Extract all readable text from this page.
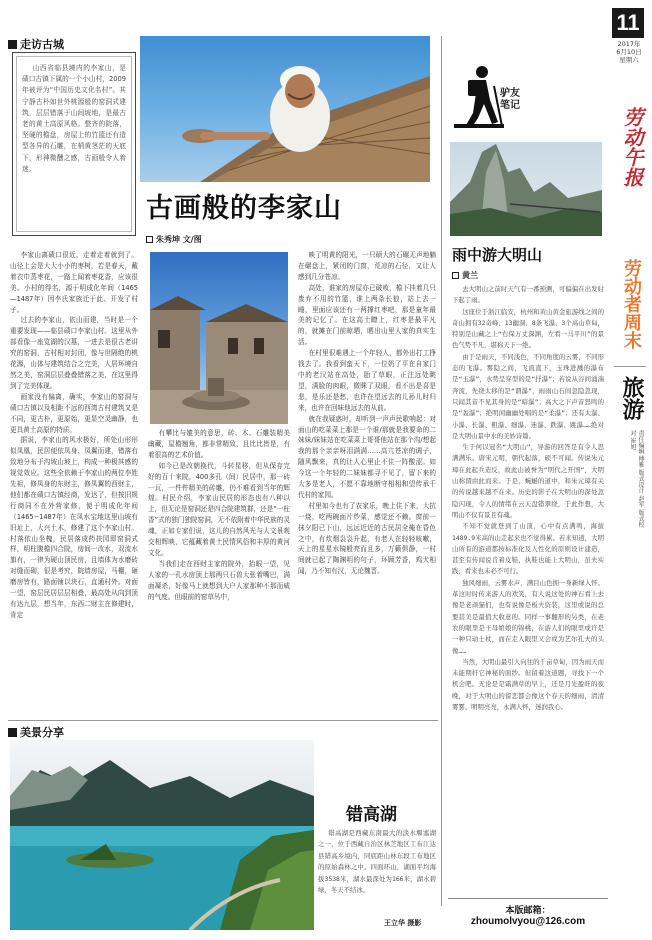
11
2017年
6月10日
星期六
劳动午报
劳动者周末
旅游
责任编辑 傅雅 版式设计 赵军 版式校对 崔旭
走访古城

山西省临县境内的李家山，是碛口古镇下属的一个小山村，2009年被评为“中国历史文化名村”。其宁静古朴如世外桃源般的窑洞式建筑，层层错落于山间坡地，是最古老的黄土高原风格。整齐的院落，坚硬的檐盘，房屋上的竹篮还有造型各异的石雕，在梢黄茎茫的天底下，形神微醺之感，古画般令人着迷。

古画般的李家山
朱秀坤 文/图

李家山离碛口很近，走着走着就到了。山径上会是大大小小的枣树，若是春天，戴着衣巾蒸枣花，一路上闻着枣花香，应该很美。小村的得名，源于明成化年间（1465—1487年）因李氏家族迁于此、开发了村子。

过去的李家山，依山而建，当时是一个重要发现——临县碛口李家山村。这里从外部看像一座览湖的汉墓，一进去是很古老讲究的窑洞，古村相对封闭，像与世隔绝的桃花源，山体与建筑结合之完美，人居环境自然之美，窑洞层层叠叠错落之美，在这里得到了完美体现。

画家没有偏离，确实，李家山的窑洞与碛口古镇以及相距不远的西湾古村建筑又是不同，更古朴，更原始，更显空灵幽静，也更具黄土高原的特质。

据说，李家山的风水极好，所处山形形似凤凰，民居便依凤身、凤翼而建，错落有致地分布于沟坡山坡上，构成一种极其感的视觉效应。这些全依赖于李家山的两位李姓先祖，修凤身的东财主，修凤翼的西财主，他们都在碛口古镇经商，发达了，但按旧规行商同不在外营家修，便于明成化年间（1465−1487年）在凤水宝地这里山坡有旧址上，大兴土木，修建了这个李家山村。村落依山坐槐，民居落成药扶园即窑洞式样，明柱腹檐四合院，房间一改水，双流水旗有，一律为硬山顶民房，且墙体为水磨砖对缝而砌，很是考究，院墙房屋，马棚，砸磨房皆有，路面铺以块石，直通村外。对面一望，窑层民居层层相叠，最高处从向到顶有达九层，想当年，东西二财主在修建时，肯定

有攀比与媲美的意思，砖、木、石雕装精美幽藏，屋檐翘角，都非常精致，且比比皆是，有着很高的艺术价值。

如今已是改朝换代，斗转星移，但从保存完好的百十来院，400多孔（间）民居中，那一砖一瓦，一件件精美的砖雕，仍不难看到当年的辉煌。村民介绍，李家山民居的形态也有八种以上，但无论是窑洞还是四合院建筑群，还是“一柱香”式的独门独院窑洞，无不依附着中华民族的灵魂，正如专家们说，这儿的自然风光与人文景观交相辉映，它蕴藏着黄土民情风俗和丰厚的黄河文化。

当我们走在西财主家的院外，抬眼一望，见人家的一孔水房顶上那两只石兽大张着嘴巴，满面凝杀，好像马上就想到大户人家那种不那而威的气度。但眼前的窑草丛中，

映了明黄的阳光，一只硕大的石碾无声地躺在碾盘上，紧闭的门窗，荒凉的石径，又让人感到几分苍凉。

高处，谁家的房屋亦已破败，檐下挂着几只废弃不用的竹篮，谁上两条长狼，站上去一睡，里面应该还有一两撑红枣吧，那是童年最美的记忆了。在这高土瞭上，红枣是最平凡的，就摊在门前晾晒，晒出山里人家的真实生活。

在村里很难遇上一个年轻人，都外出打工挣钱去了。我看到蛮天下，一位奶了平在自家门中的老汉站在高处，胎了草眼，正注远处眺望，满脸的肉眼，微眯了双眼，看不出是喜是悲，是乐还是愁，也许在望远去的儿孙儿时归来，也许在回味他远去的从前。

就在我疑惑时，却听到一声声民歌响起：对面山的吃菜菜上那是一个谁/那就是我要命的二妹妹/妹妹站在吃菜菜上哥哥他站在那个沟/想起我的那个亲亲呀泪满满……高亢苍凉的调子，随风飘来，真的让人心里止不住一阵酸涩。如今这一个年轻的二妹妹都寻不见了，留下来的大多是老人，不愿不靠地断守相相和望传承千代村的家园。

村里如今也有了农家乐，晚上住下来，大抗一烧，吃两碗面片炒菜，感觉还不赖。窗前一抹夕阳已下山，远远近近的古民居全掩在昏色之中，有炊烟袅袅升起，有老人在轻轻咳嗽，天上的星星水镜般亮而且多，万籁俱静，一村间就已起了陶渊明的句子，环顾芳香，鸡犬相闻，乃不知有汉，无论魏晋。

驴友
笔记
雨中游大明山
黄兰

去大明山之前时天气有一番预测，可偏偏在出发时下起了雨。

这座位于浙江临安，杭州和黄山黄金旅游线之间的奇山拥有32奇峰、13幽洞、8条飞瀑、3个高山草甸，特别是山藏之上“右保万丈深渊，左看一马平川”的景色气势不凡，堪称天下一绝。

由于是雨天，不同浅色，不同角度的云雾，不同形态的飞瀑。雾隐之间，飞流直下，玉珠进溅的瀑布是“玉瀑”，水势呈穿型的是“抒瀑”；若说从谷间涌湍奔流，先绕太移的是“谓瀑”，雨雨山石间忽隐忽现，只闻其音不见其身的是“暗瀑”；高大之下声音怒鸣的是“轰瀑”；绝明闲幽幽处唱的是“柔瀑”；还有太瀑、小瀑、长瀑、粗瀑、细瀑、迷瀑、跌瀑、跳瀑……绝对是大明山景中水的美妙诗篇。

生于何以冠名“大明山”，导游的回答是有令人思满满乐。唐宋元明，朝代起落，硕不可闻。传说朱元璋在此起兵造反，故此山被誉为“明代之开国”，大明山称谓由此而来。于是，蜿蜒的道中，和朱元璋有关的传说越来越不在来。历史的影子在大明山的深处忽隐闪现，令人的情绪在云天盘错翠绕，于此作想，大明山不仅有景且有魂。

不知不觉就登到了山顶，心中有点满鸣，海拔1489.9米高的山走起来也不觉得累。若来知道，大明山所有的游道都按标准化及人性化的原则设计建造，甚至有传闻说肯着皮鞋、执鞋也能上大明山，虽夫实践，看来也未必不可行。

独风细雨，云雾水声，满目山色拥一身新绿入怀。革这时时传来游人的欢笑，有人说这处的神石看上去像是老顽猫们，也有说像是板夫资装，这里或说的总要甚美是最值大收意的。同样一事翻形的另类，在老农的眼里是王母娘娘的锦桃，在游人们的眼里或许是一种只动士杖，而在走入眼里又会或为艺尔孔夫的头像……

当然，大明山最引人向往的千亩草甸，因为雨天而未能期杆它神秘的面纱。但留着这道题，寻找下一个机会吧。无论是是霜满草的早上，还是月光盈旺的夜晚，对于大明山的留恋都会像这个春天的细雨，清清雾雾、明明亮亮，永满人怀，迷润我心。

本版邮箱：
zhoumolvyou@126.com
美景分享
错高湖

错高湖是西藏东南最大的淡水堰塞湖之一，位于西藏自治区林芝地区工布江达县错高乡境内，同底距山林东段工布地区的原始森林之中。四面环山，湖面平均海拔3538米，湖水最深处为166米，湖水碧绿，冬天不结冰。

王立华 摄影
